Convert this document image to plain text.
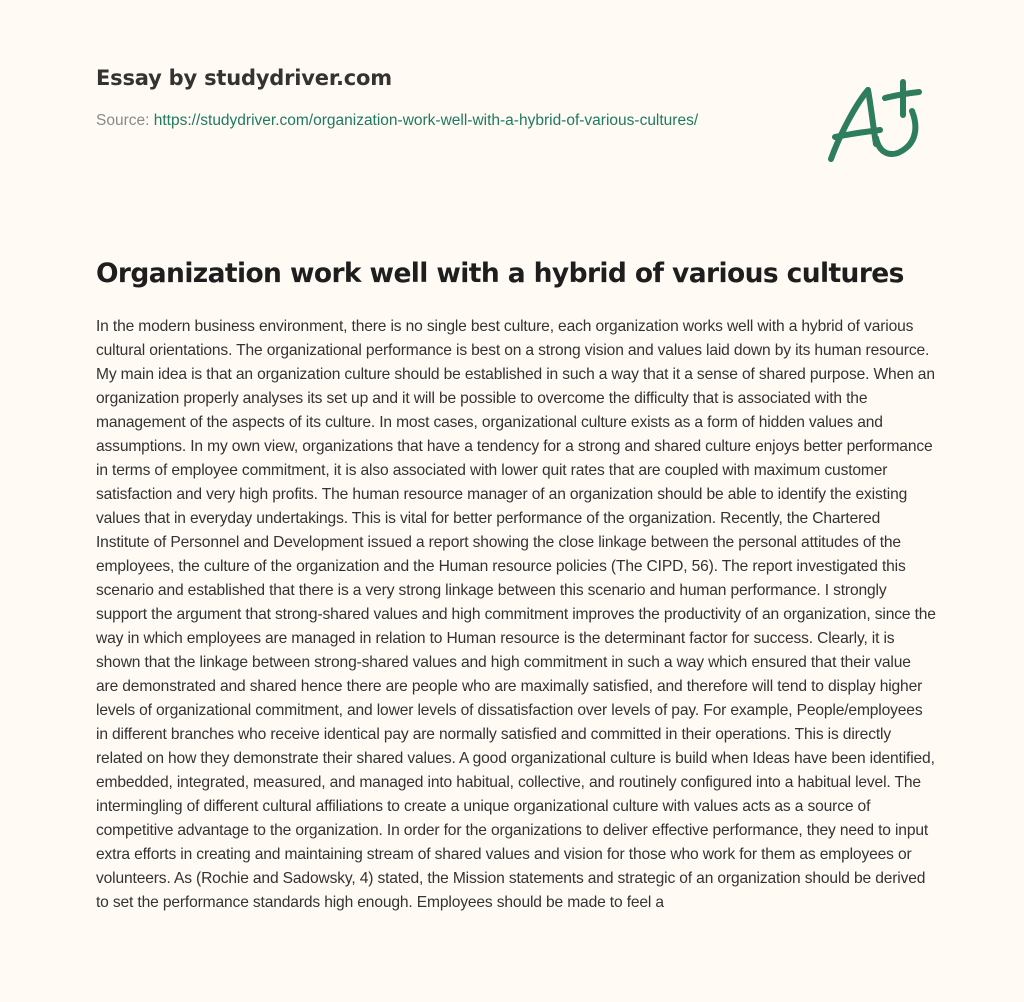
Essay by studydriver.com
Source: https://studydriver.com/organization-work-well-with-a-hybrid-of-various-cultures/
Organization work well with a hybrid of various cultures

In the modern business environment, there is no single best culture, each organization works well with a hybrid of various cultural orientations. The organizational performance is best on a strong vision and values laid down by its human resource. My main idea is that an organization culture should be established in such a way that it a sense of shared purpose. When an organization properly analyses its set up and it will be possible to overcome the difficulty that is associated with the management of the aspects of its culture. In most cases, organizational culture exists as a form of hidden values and assumptions. In my own view, organizations that have a tendency for a strong and shared culture enjoys better performance in terms of employee commitment, it is also associated with lower quit rates that are coupled with maximum customer satisfaction and very high profits. The human resource manager of an organization should be able to identify the existing values that in everyday undertakings. This is vital for better performance of the organization. Recently, the Chartered Institute of Personnel and Development issued a report showing the close linkage between the personal attitudes of the employees, the culture of the organization and the Human resource policies (The CIPD, 56). The report investigated this scenario and established that there is a very strong linkage between this scenario and human performance. I strongly support the argument that strong-shared values and high commitment improves the productivity of an organization, since the way in which employees are managed in relation to Human resource is the determinant factor for success. Clearly, it is shown that the linkage between strong-shared values and high commitment in such a way which ensured that their value are demonstrated and shared hence there are people who are maximally satisfied, and therefore will tend to display higher levels of organizational commitment, and lower levels of dissatisfaction over levels of pay. For example, People/employees in different branches who receive identical pay are normally satisfied and committed in their operations. This is directly related on how they demonstrate their shared values. A good organizational culture is build when Ideas have been identified, embedded, integrated, measured, and managed into habitual, collective, and routinely configured into a habitual level. The intermingling of different cultural affiliations to create a unique organizational culture with values acts as a source of competitive advantage to the organization. In order for the organizations to deliver effective performance, they need to input extra efforts in creating and maintaining stream of shared values and vision for those who work for them as employees or volunteers. As (Rochie and Sadowsky, 4) stated, the Mission statements and strategic of an organization should be derived to set the performance standards high enough. Employees should be made to feel a
